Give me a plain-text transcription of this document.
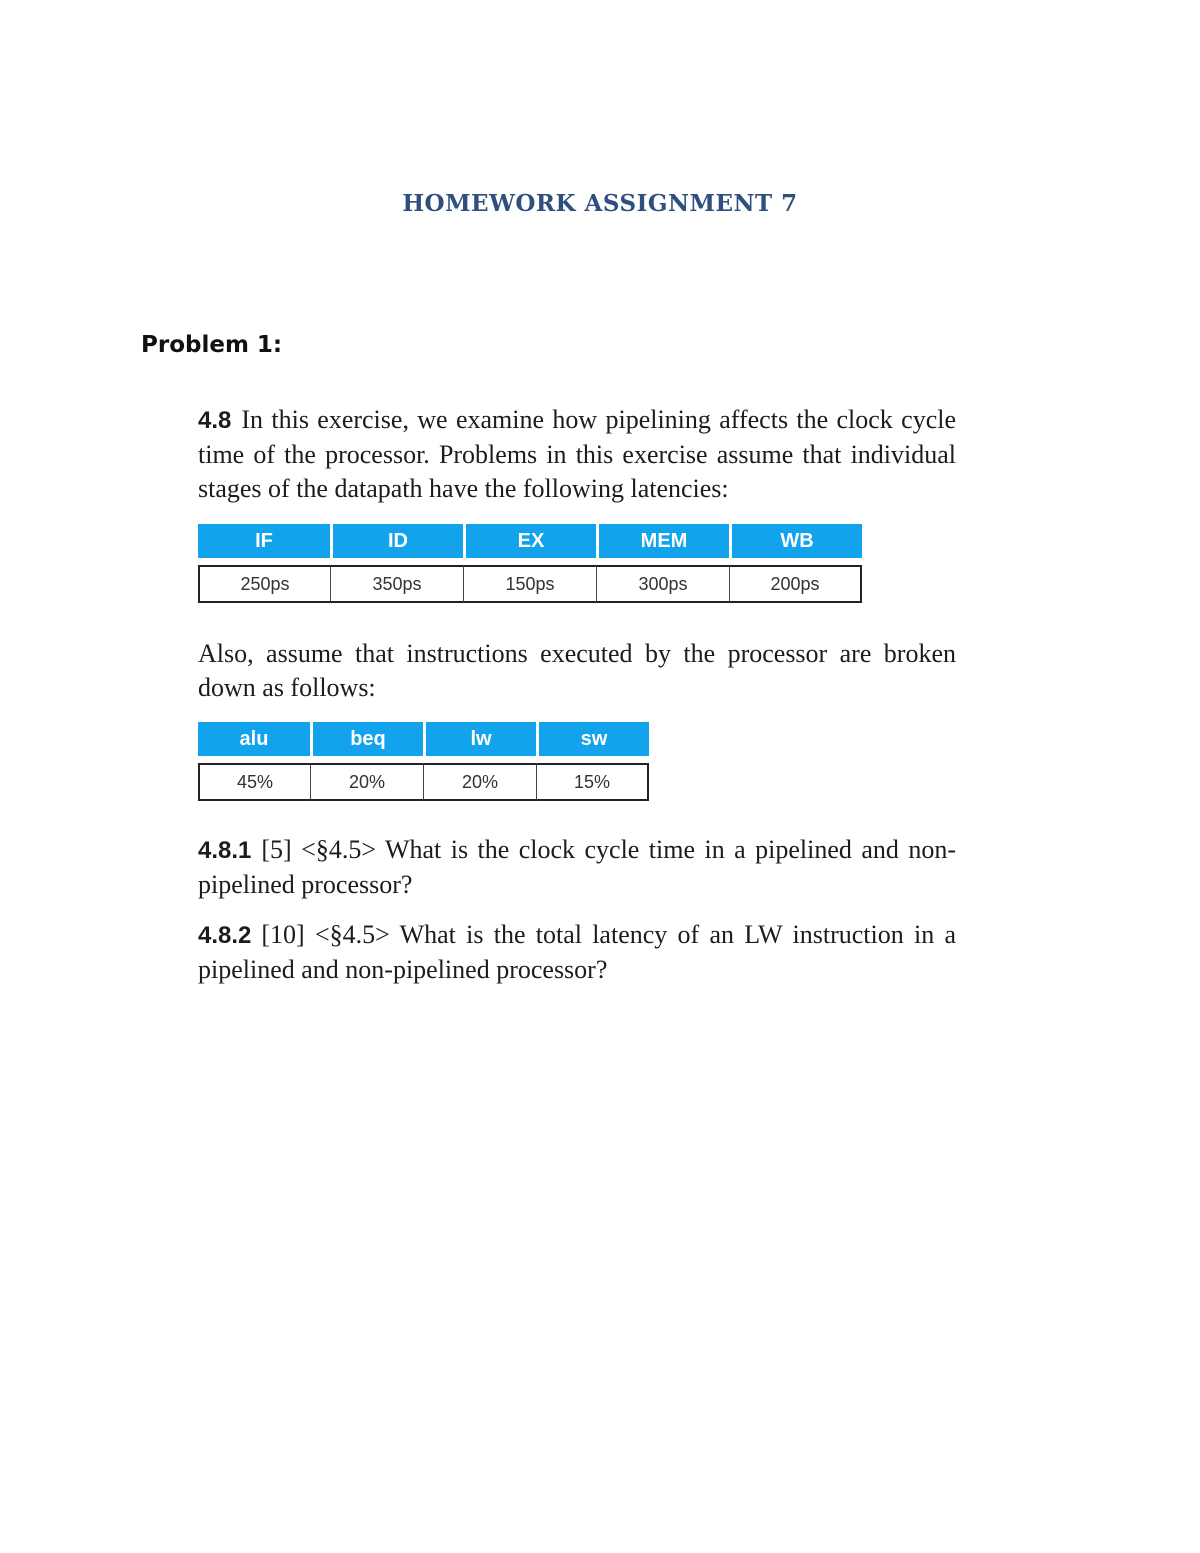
HOMEWORK ASSIGNMENT 7
Problem 1:
4.8 In this exercise, we examine how pipelining affects the clock cycle time of the processor. Problems in this exercise assume that individual stages of the datapath have the following latencies:
IF	ID	EX	MEM	WB

250ps	350ps	150ps	300ps	200ps
Also, assume that instructions executed by the processor are broken down as follows:
alu	beq	lw	sw

45%	20%	20%	15%
4.8.1 [5] <§4.5> What is the clock cycle time in a pipelined and non-pipelined processor?
4.8.2 [10] <§4.5> What is the total latency of an LW instruction in a pipelined and non-pipelined processor?
